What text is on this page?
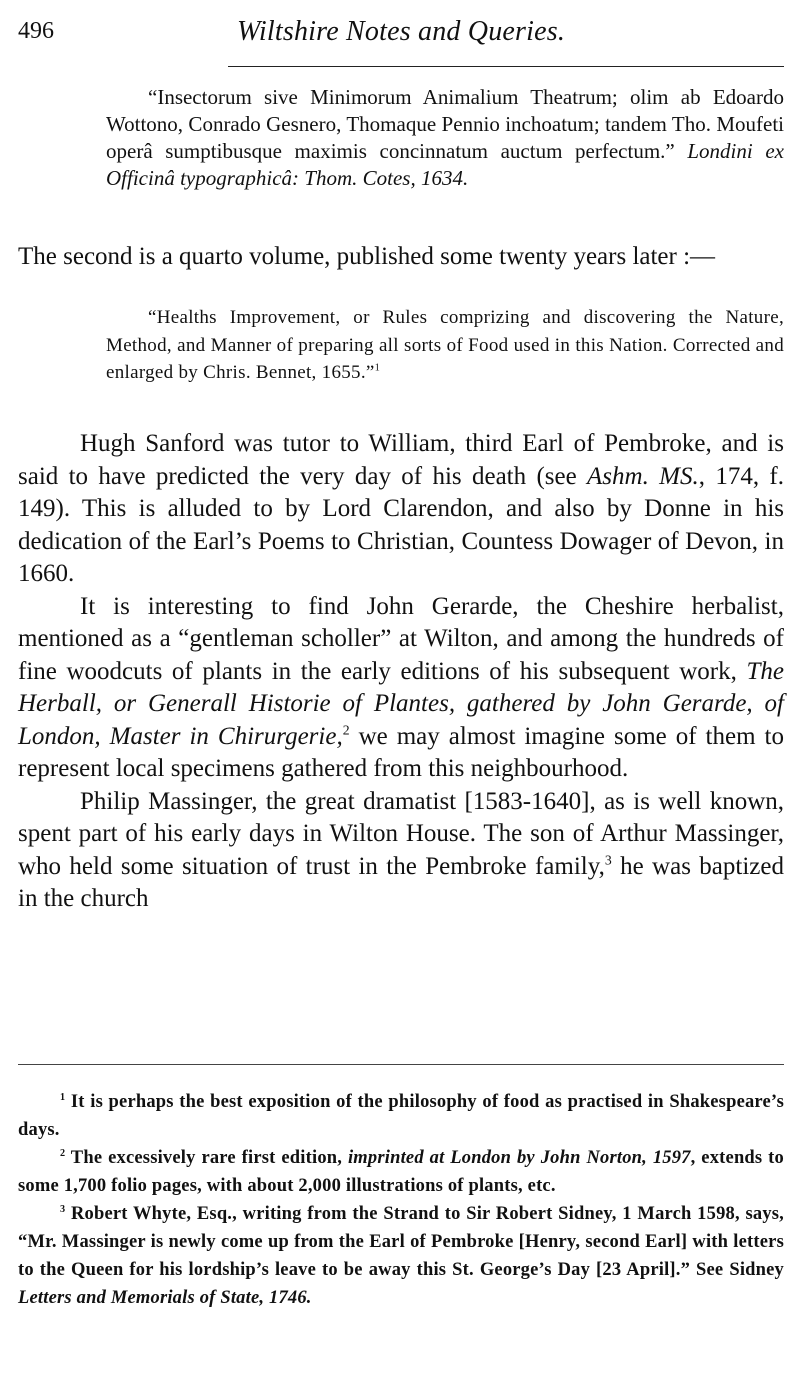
496	Wiltshire Notes and Queries.

“Insectorum sive Minimorum Animalium Theatrum; olim ab Edoardo Wottono, Conrado Gesnero, Thomaque Pennio inchoatum; tandem Tho. Moufeti operâ sumptibusque maximis concinnatum auctum perfectum.” Londini ex Officinâ typographicâ: Thom. Cotes, 1634.

The second is a quarto volume, published some twenty years later :—

“Healths Improvement, or Rules comprizing and discovering the Nature, Method, and Manner of preparing all sorts of Food used in this Nation. Corrected and enlarged by Chris. Bennet, 1655.”$^1$

Hugh Sanford was tutor to William, third Earl of Pembroke, and is said to have predicted the very day of his death (see Ashm. MS., 174, f. 149). This is alluded to by Lord Clarendon, and also by Donne in his dedication of the Earl’s Poems to Christian, Countess Dowager of Devon, in 1660.

It is interesting to find John Gerarde, the Cheshire herbalist, mentioned as a “gentleman scholler” at Wilton, and among the hundreds of fine woodcuts of plants in the early editions of his subsequent work, The Herball, or Generall Historie of Plantes, gathered by John Gerarde, of London, Master in Chirurgerie,$^2$ we may almost imagine some of them to represent local specimens gathered from this neighbourhood.

Philip Massinger, the great dramatist [1583-1640], as is well known, spent part of his early days in Wilton House. The son of Arthur Massinger, who held some situation of trust in the Pembroke family,$^3$ he was baptized in the church

$^1$ It is perhaps the best exposition of the philosophy of food as practised in Shakespeare’s days.

$^2$ The excessively rare first edition, imprinted at London by John Norton, 1597, extends to some 1,700 folio pages, with about 2,000 illustrations of plants, etc.

$^3$ Robert Whyte, Esq., writing from the Strand to Sir Robert Sidney, 1 March 1598, says, “Mr. Massinger is newly come up from the Earl of Pembroke [Henry, second Earl] with letters to the Queen for his lordship’s leave to be away this St. George’s Day [23 April].” See Sidney Letters and Memorials of State, 1746.
